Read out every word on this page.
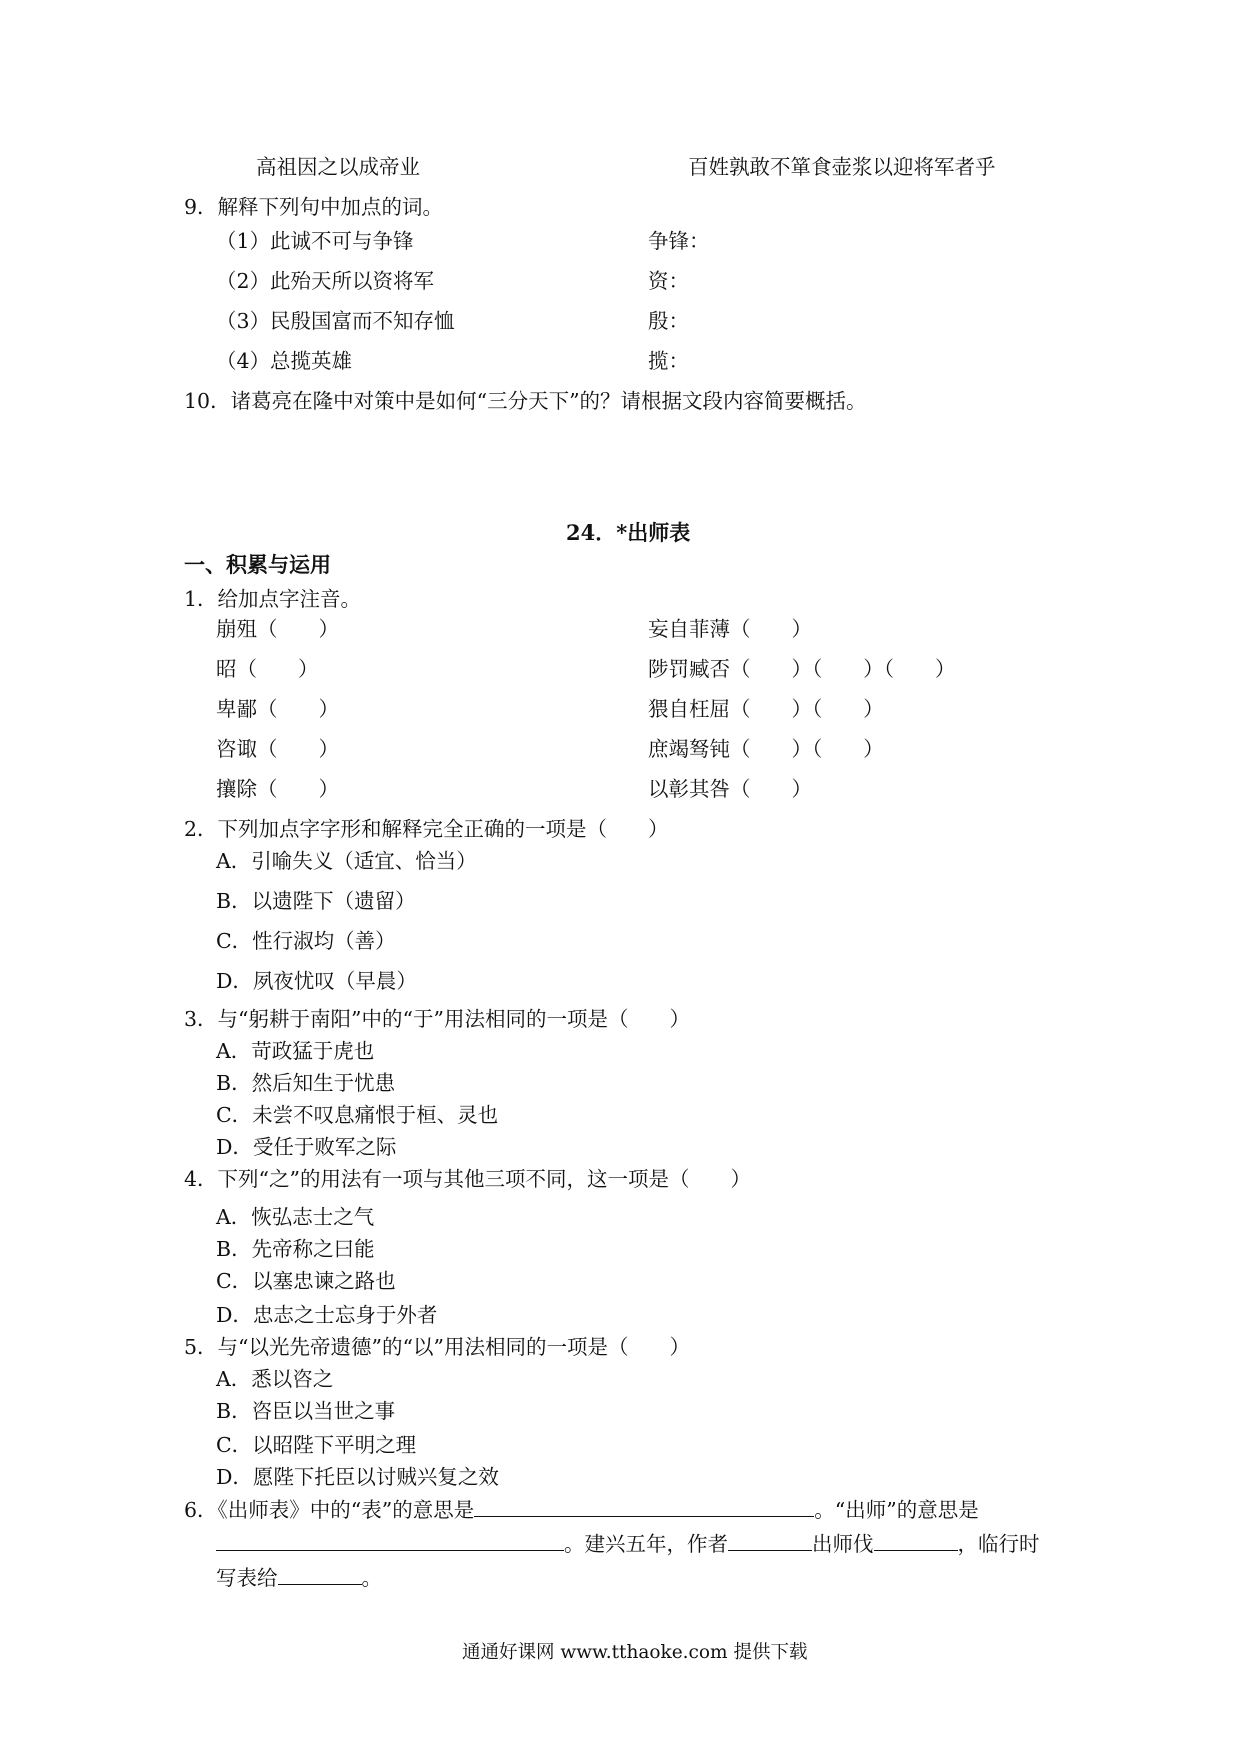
高祖因之以成帝业	百姓孰敢不箪食壶浆以迎将军者乎
9．解释下列句中加点的词。
（1）此诚不可与争锋	争锋：
（2）此殆天所以资将军	资：
（3）民殷国富而不知存恤	殷：
（4）总揽英雄	揽：
10．诸葛亮在隆中对策中是如何“三分天下”的？请根据文段内容简要概括。
24．*出师表
一、积累与运用
1．给加点字注音。
崩殂（　　）	妄自菲薄（　　）
昭（　　）	陟罚臧否（　　）（　　）（　　）
卑鄙（　　）	猥自枉屈（　　）（　　）
咨诹（　　）	庶竭驽钝（　　）（　　）
攘除（　　）	以彰其咎（　　）
2．下列加点字字形和解释完全正确的一项是（　　）
A．引喻失义（适宜、恰当）
B．以遗陛下（遗留）
C．性行淑均（善）
D．夙夜忧叹（早晨）
3．与“躬耕于南阳”中的“于”用法相同的一项是（　　）
A．苛政猛于虎也
B．然后知生于忧患
C．未尝不叹息痛恨于桓、灵也
D．受任于败军之际
4．下列“之”的用法有一项与其他三项不同，这一项是（　　）
A．恢弘志士之气
B．先帝称之曰能
C．以塞忠谏之路也
D．忠志之士忘身于外者
5．与“以光先帝遗德”的“以”用法相同的一项是（　　）
A．悉以咨之
B．咨臣以当世之事
C．以昭陛下平明之理
D．愿陛下托臣以讨贼兴复之效
6．《出师表》中的“表”的意思是	。“出师”的意思是
。建兴五年，作者	出师伐	，临行时
写表给	。
通通好课网 www.tthaoke.com 提供下载
